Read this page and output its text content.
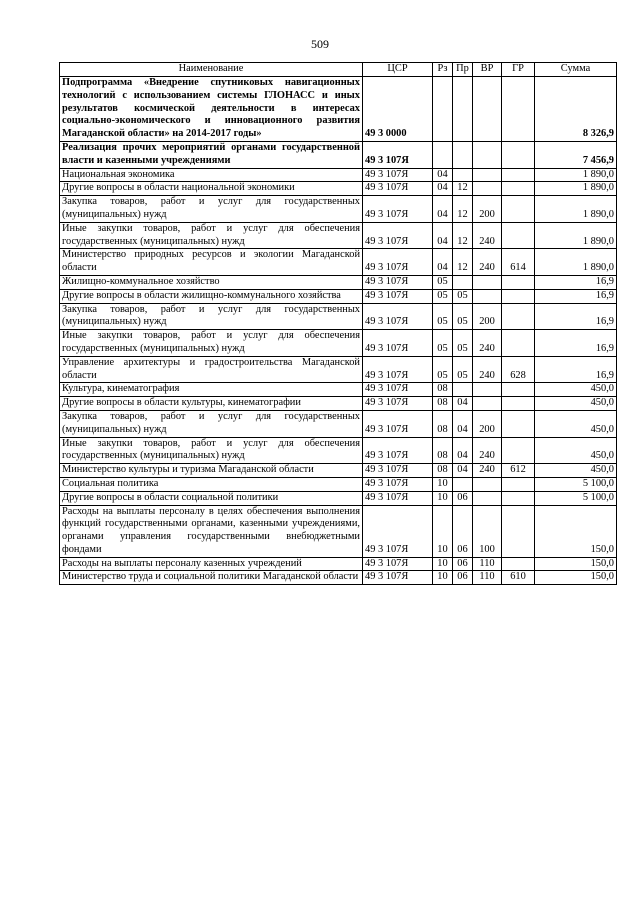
509
Наименование	ЦСР	Рз	Пр	ВР	ГР	Сумма
Подпрограмма «Внедрение спутниковых навигационных технологий с использованием системы ГЛОНАСС и иных результатов космической деятельности в интересах социально-экономического и инновационного развития Магаданской области» на 2014-2017 годы»	49 3 0000					8 326,9
Реализация прочих мероприятий органами государственной власти и казенными учреждениями	49 3 107Я					7 456,9
Национальная экономика	49 3 107Я	04				1 890,0
Другие вопросы в области национальной экономики	49 3 107Я	04	12			1 890,0
Закупка товаров, работ и услуг для государственных (муниципальных) нужд	49 3 107Я	04	12	200		1 890,0
Иные закупки товаров, работ и услуг для обеспечения государственных (муниципальных) нужд	49 3 107Я	04	12	240		1 890,0
Министерство природных ресурсов и экологии Магаданской области	49 3 107Я	04	12	240	614	1 890,0
Жилищно-коммунальное хозяйство	49 3 107Я	05				16,9
Другие вопросы в области жилищно-коммунального хозяйства	49 3 107Я	05	05			16,9
Закупка товаров, работ и услуг для государственных (муниципальных) нужд	49 3 107Я	05	05	200		16,9
Иные закупки товаров, работ и услуг для обеспечения государственных (муниципальных) нужд	49 3 107Я	05	05	240		16,9
Управление архитектуры и градостроительства Магаданской области	49 3 107Я	05	05	240	628	16,9
Культура, кинематография	49 3 107Я	08				450,0
Другие вопросы в области культуры, кинематографии	49 3 107Я	08	04			450,0
Закупка товаров, работ и услуг для государственных (муниципальных) нужд	49 3 107Я	08	04	200		450,0
Иные закупки товаров, работ и услуг для обеспечения государственных (муниципальных) нужд	49 3 107Я	08	04	240		450,0
Министерство культуры и туризма Магаданской области	49 3 107Я	08	04	240	612	450,0
Социальная политика	49 3 107Я	10				5 100,0
Другие вопросы в области социальной политики	49 3 107Я	10	06			5 100,0
Расходы на выплаты персоналу в целях обеспечения выполнения функций государственными органами, казенными учреждениями, органами управления государственными внебюджетными фондами	49 3 107Я	10	06	100		150,0
Расходы на выплаты персоналу казенных учреждений	49 3 107Я	10	06	110		150,0
Министерство труда и социальной политики Магаданской области	49 3 107Я	10	06	110	610	150,0
